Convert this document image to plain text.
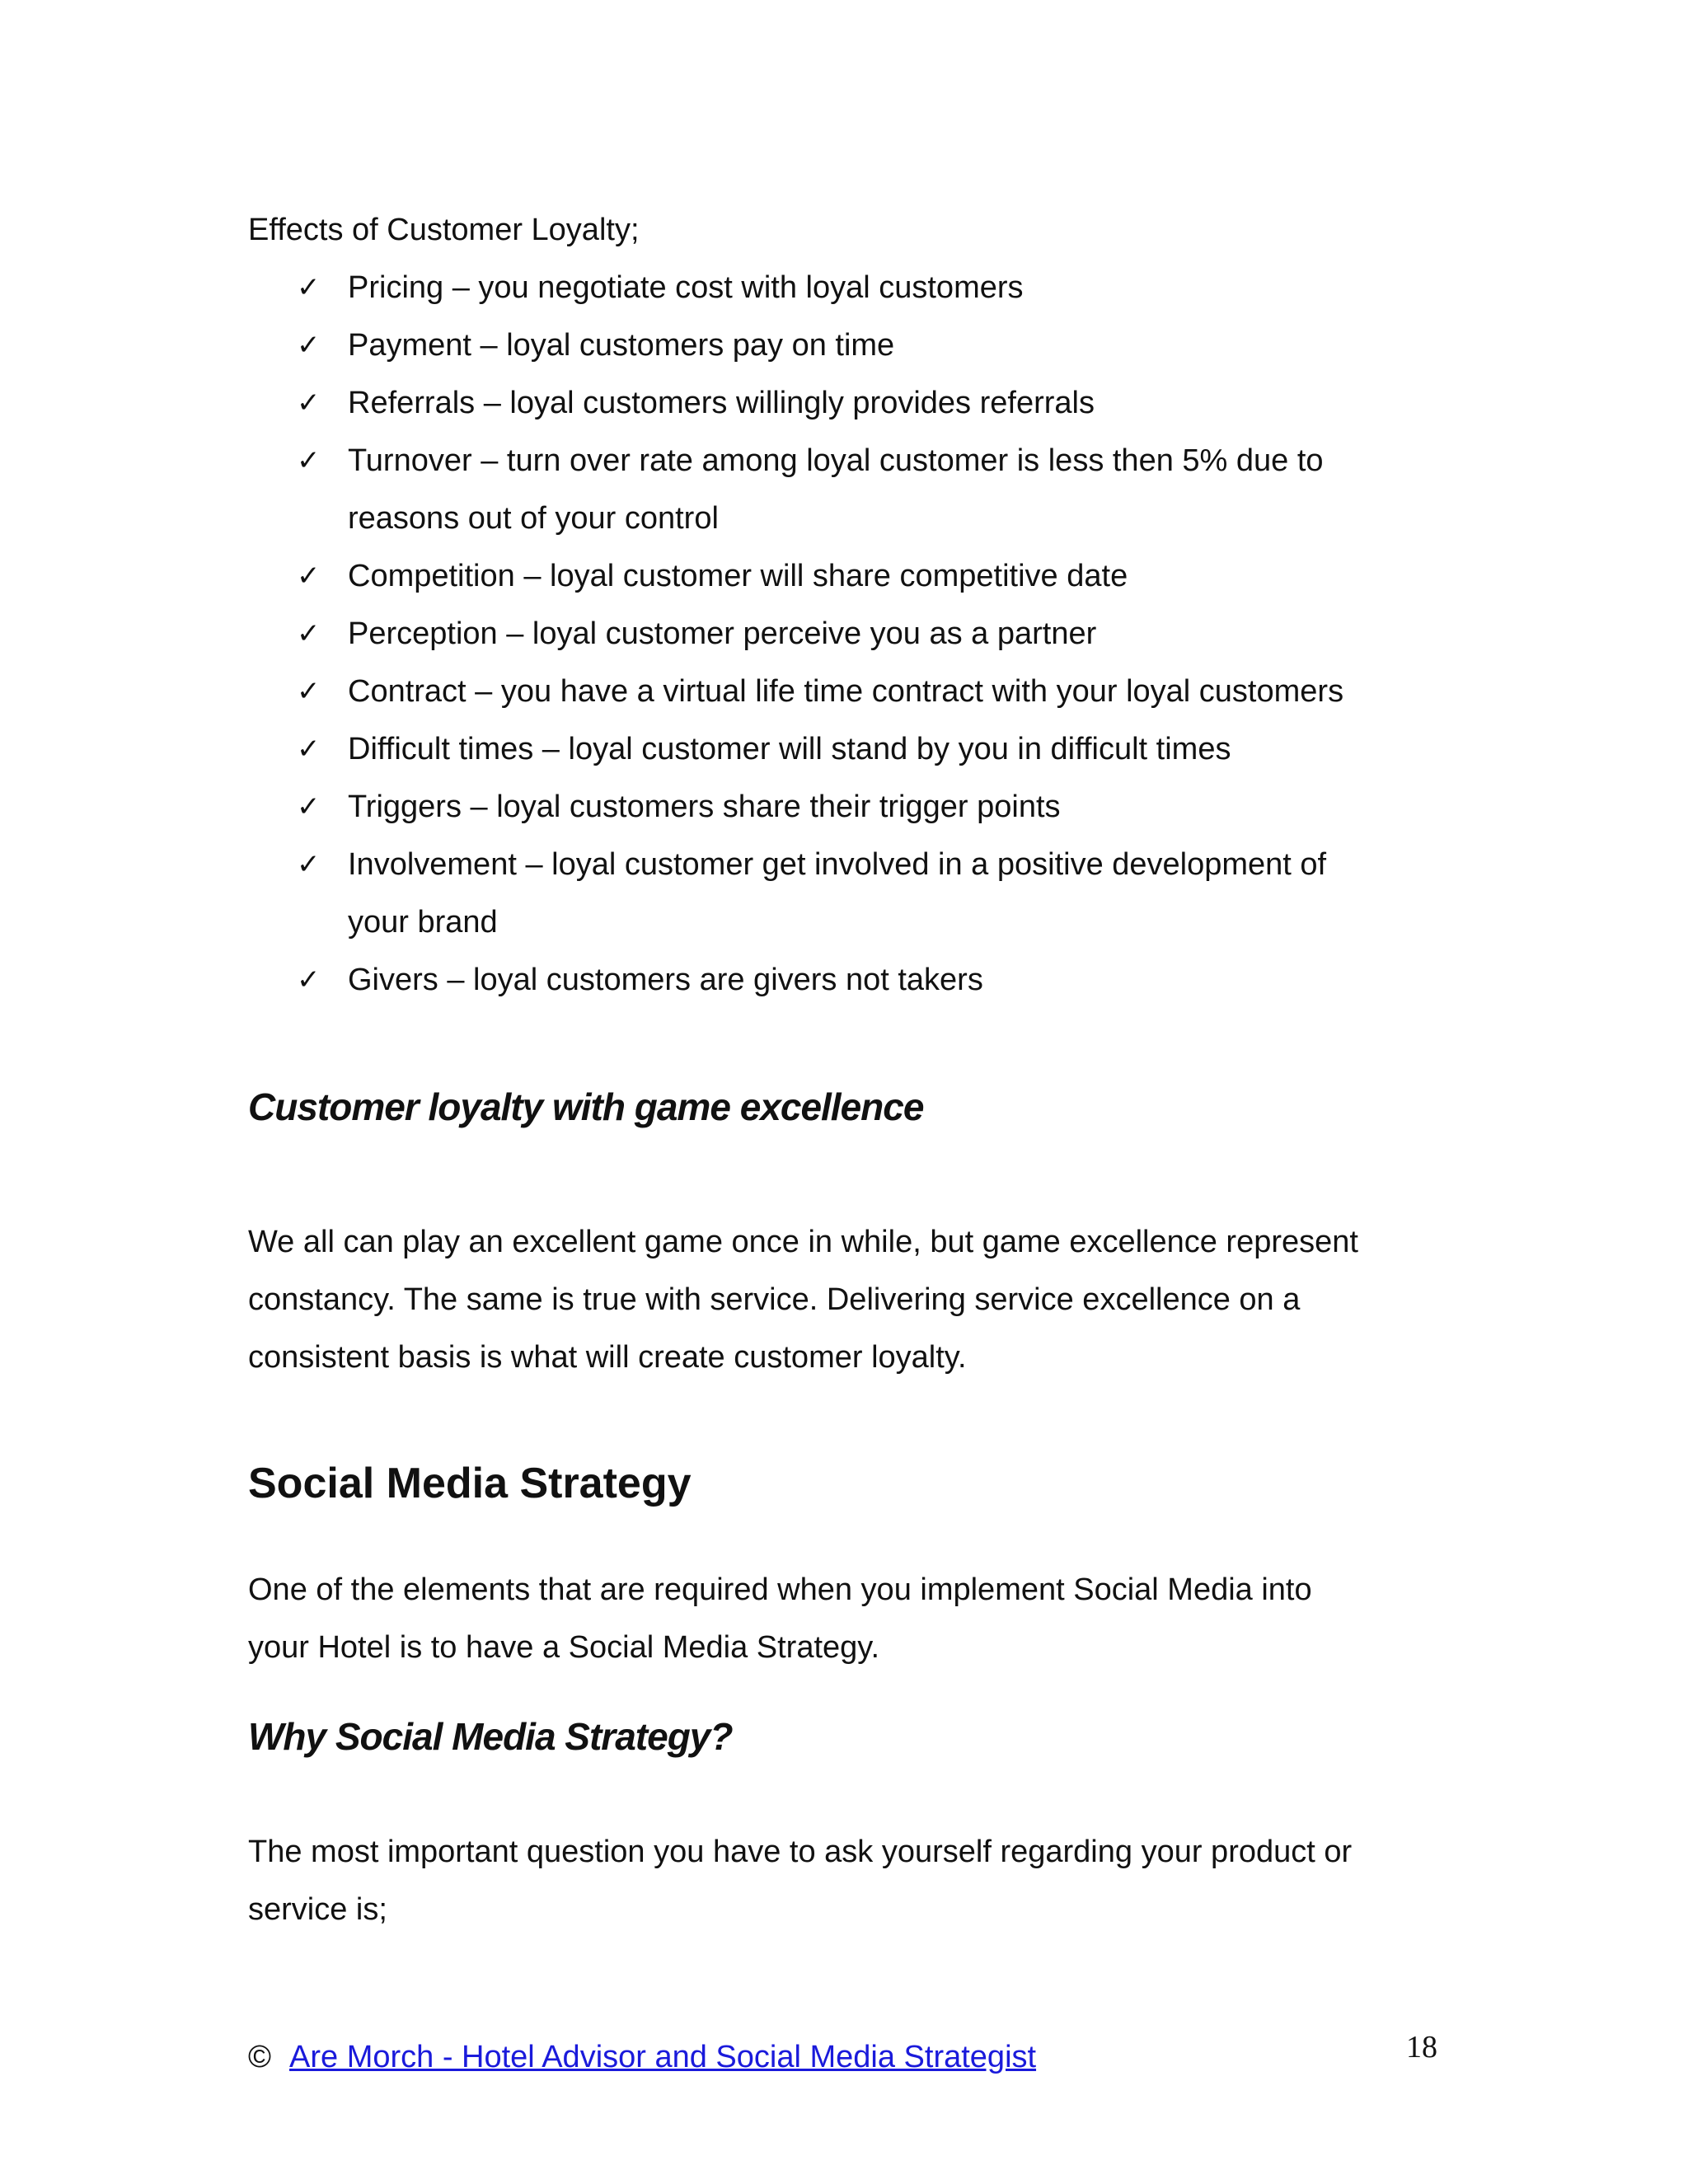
Effects of Customer Loyalty;
✓ Pricing – you negotiate cost with loyal customers
✓ Payment – loyal customers pay on time
✓ Referrals – loyal customers willingly provides referrals
✓ Turnover – turn over rate among loyal customer is less then 5% due to
reasons out of your control
✓ Competition – loyal customer will share competitive date
✓ Perception – loyal customer perceive you as a partner
✓ Contract – you have a virtual life time contract with your loyal customers
✓ Difficult times – loyal customer will stand by you in difficult times
✓ Triggers – loyal customers share their trigger points
✓ Involvement – loyal customer get involved in a positive development of
your brand
✓ Givers – loyal customers are givers not takers
Customer loyalty with game excellence
We all can play an excellent game once in while, but game excellence represent
constancy. The same is true with service. Delivering service excellence on a
consistent basis is what will create customer loyalty.
Social Media Strategy
One of the elements that are required when you implement Social Media into
your Hotel is to have a Social Media Strategy.
Why Social Media Strategy?
The most important question you have to ask yourself regarding your product or
service is;
© Are Morch - Hotel Advisor and Social Media Strategist	18
